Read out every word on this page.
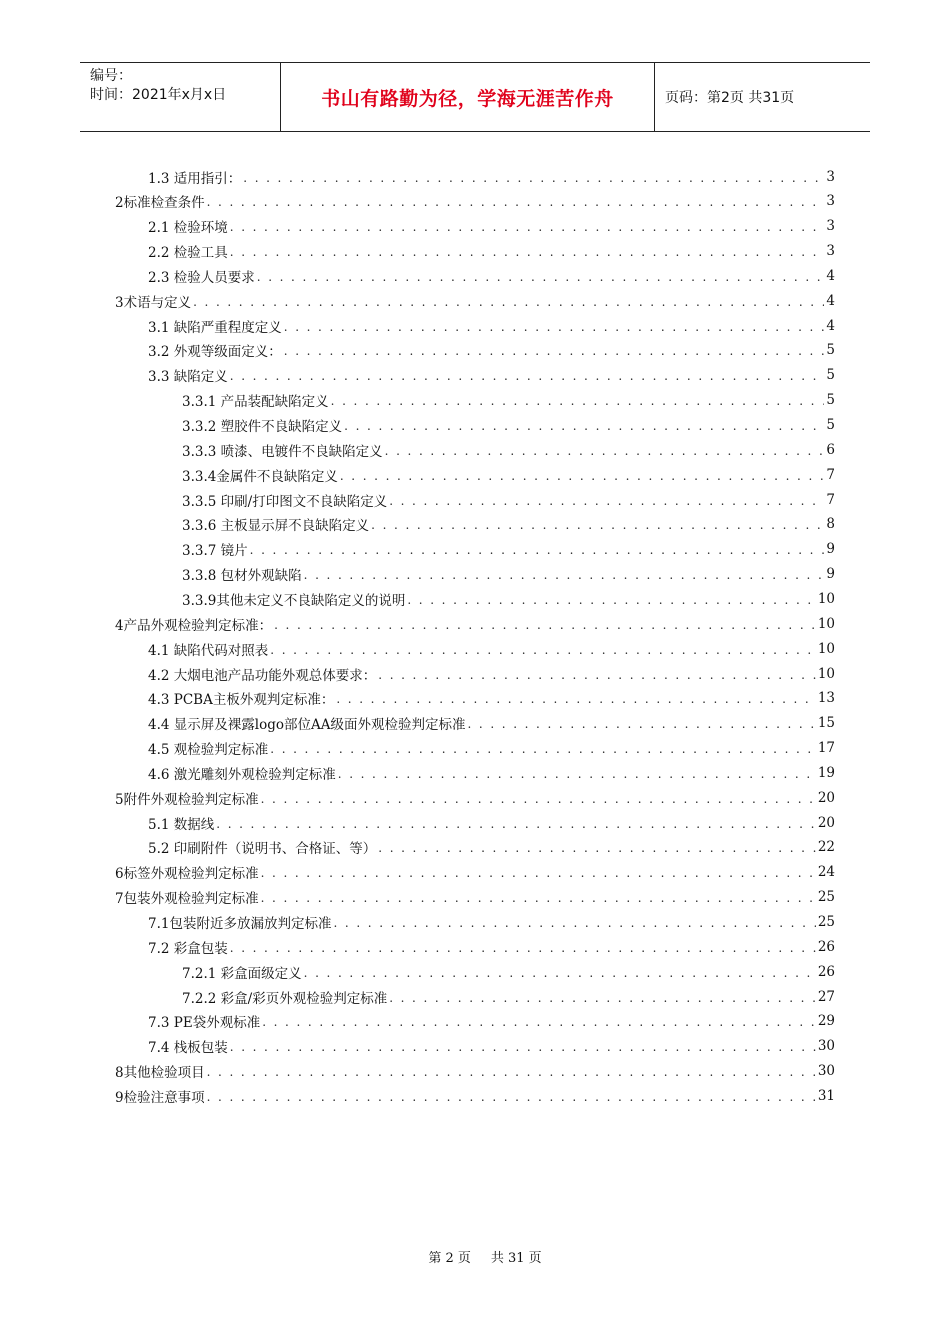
编号：
时间：2021年x月x日	书山有路勤为径，学海无涯苦作舟	页码：第2页 共31页
1.3 适用指引： . . .	3
2标准检查条件 . . .	3
2.1 检验环境 . . .	3
2.2 检验工具 . . .	3
2.3 检验人员要求 . . .	4
3术语与定义 . . .	4
3.1 缺陷严重程度定义 . . .	4
3.2 外观等级面定义： . . .	5
3.3 缺陷定义 . . .	5
3.3.1 产品装配缺陷定义 . . .	5
3.3.2 塑胶件不良缺陷定义 . . .	5
3.3.3 喷漆、电镀件不良缺陷定义 . . .	6
3.3.4金属件不良缺陷定义 . . .	7
3.3.5 印刷/打印图文不良缺陷定义 . . .	7
3.3.6 主板显示屏不良缺陷定义 . . .	8
3.3.7 镜片 . . .	9
3.3.8 包材外观缺陷 . . .	9
3.3.9其他未定义不良缺陷定义的说明 . . .	10
4产品外观检验判定标准： . . .	10
4.1 缺陷代码对照表 . . .	10
4.2 大烟电池产品功能外观总体要求： . . .	10
4.3 PCBA主板外观判定标准： . . .	13
4.4 显示屏及裸露logo部位AA级面外观检验判定标准 . . .	15
4.5 观检验判定标准 . . .	17
4.6 激光雕刻外观检验判定标准 . . .	19
5附件外观检验判定标准 . . .	20
5.1 数据线 . . .	20
5.2 印刷附件（说明书、合格证、等） . . .	22
6标签外观检验判定标准 . . .	24
7包装外观检验判定标准 . . .	25
7.1包装附近多放漏放判定标准 . . .	25
7.2 彩盒包装 . . .	26
7.2.1 彩盒面级定义 . . .	26
7.2.2 彩盒/彩页外观检验判定标准 . . .	27
7.3 PE袋外观标准 . . .	29
7.4 栈板包装 . . .	30
8其他检验项目 . . .	30
9检验注意事项 . . .	31
第 2 页 共 31 页
